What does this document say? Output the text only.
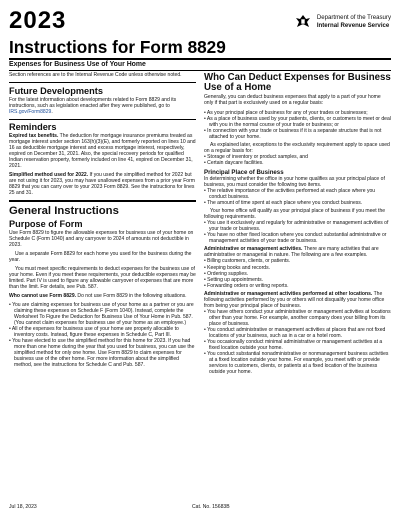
2023	Department of the Treasury
Internal Revenue Service
Instructions for Form 8829
Expenses for Business Use of Your Home

Section references are to the Internal Revenue Code unless otherwise noted.

Future Developments

For the latest information about developments related to Form 8829 and its instructions, such as legislation enacted after they were published, go to IRS.gov/Form8829.

Reminders

Expired tax benefits. The deduction for mortgage insurance premiums treated as mortgage interest under section 163(h)(3)(E), and formerly reported on lines 10 and 16 as deductible mortgage interest and excess mortgage interest, respectively, expired on December 31, 2021. Also, the special recovery periods for qualified Indian reservation property, formerly included on line 41, expired on December 31, 2021.

Simplified method used for 2022. If you used the simplified method for 2022 but are not using it for 2023, you may have unallowed expenses from a prior year Form 8829 that you can carry over to your 2023 Form 8829. See the instructions for lines 25 and 31.

General Instructions
Purpose of Form

Use Form 8829 to figure the allowable expenses for business use of your home on Schedule C (Form 1040) and any carryover to 2024 of amounts not deductible in 2023.

Use a separate Form 8829 for each home you used for the business during the year.

You must meet specific requirements to deduct expenses for the business use of your home. Even if you meet these requirements, your deductible expenses may be limited. Part IV is used to figure any allowable carryover of expenses that are more than the limit. For details, see Pub. 587.

Who cannot use Form 8829. Do not use Form 8829 in the following situations.

• You are claiming expenses for business use of your home as a partner or you are claiming these expenses on Schedule F (Form 1040). Instead, complete the Worksheet To Figure the Deduction for Business Use of Your Home in Pub. 587. (You cannot claim expenses for business use of your home as an employee.)
• All of the expenses for business use of your home are properly allocable to inventory costs. Instead, figure these expenses in Schedule C, Part III.
• You have elected to use the simplified method for this home for 2023. If you had more than one home during the year that you used for business, you can use the simplified method for only one home. Use Form 8829 to claim expenses for business use of the other home. For more information about the simplified method, see the instructions for Schedule C and Pub. 587.
Who Can Deduct Expenses for Business Use of a Home

Generally, you can deduct business expenses that apply to a part of your home only if that part is exclusively used on a regular basis:

• As your principal place of business for any of your trades or businesses;
• As a place of business used by your patients, clients, or customers to meet or deal with you in the normal course of your trade or business; or
• In connection with your trade or business if it is a separate structure that is not attached to your home.

As explained later, exceptions to the exclusivity requirement apply to space used on a regular basis for:

• Storage of inventory or product samples, and
• Certain daycare facilities.
Principal Place of Business

In determining whether the office in your home qualifies as your principal place of business, you must consider the following two items.

• The relative importance of the activities performed at each place where you conduct business.
• The amount of time spent at each place where you conduct business.

Your home office will qualify as your principal place of business if you meet the following requirements.

• You use it exclusively and regularly for administrative or management activities of your trade or business.
• You have no other fixed location where you conduct substantial administrative or management activities of your trade or business.

Administrative or management activities. There are many activities that are administrative or managerial in nature. The following are a few examples.

• Billing customers, clients, or patients.
• Keeping books and records.
• Ordering supplies.
• Setting up appointments.
• Forwarding orders or writing reports.

Administrative or management activities performed at other locations. The following activities performed by you or others will not disqualify your home office from being your principal place of business.

• You have others conduct your administrative or management activities at locations other than your home. For example, another company does your billing from its place of business.
• You conduct administrative or management activities at places that are not fixed locations of your business, such as in a car or a hotel room.
• You occasionally conduct minimal administrative or management activities at a fixed location outside your home.
• You conduct substantial nonadministrative or nonmanagement business activities at a fixed location outside your home. For example, you meet with or provide services to customers, clients, or patients at a fixed location of the business outside your home.
Jul 18, 2023	Cat. No. 15683B
